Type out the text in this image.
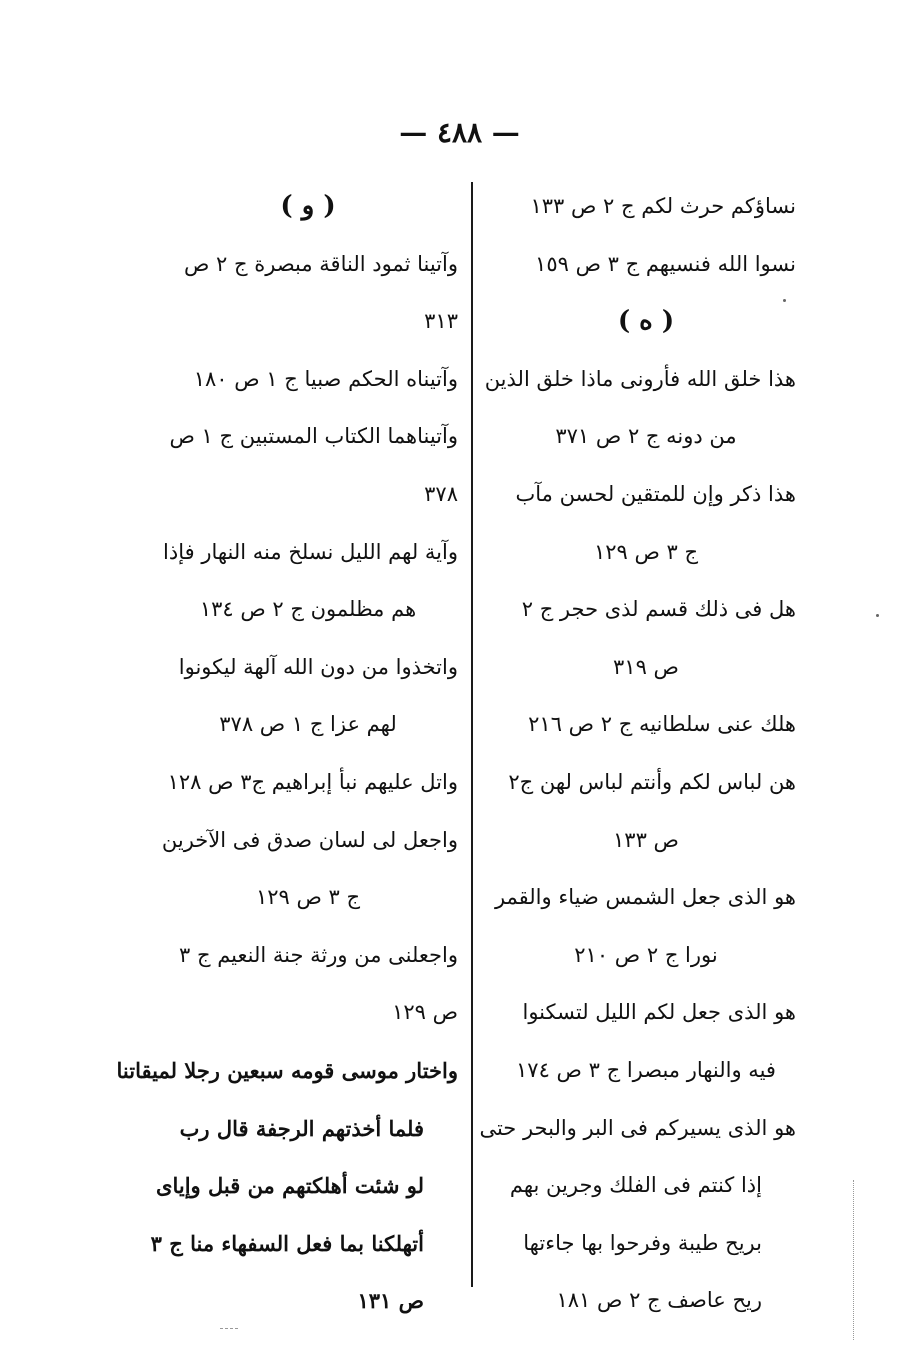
— ٤٨٨ —
نساؤكم حرث لكم ج ٢ ص ١٣٣
نسوا الله فنسيهم ج ٣ ص ١٥٩
( ه )
هذا خلق الله فأرونى ماذا خلق الذين
من دونه ج ٢ ص ٣٧١
هذا ذكر وإن للمتقين لحسن مآب
ج ٣ ص ١٢٩
هل فى ذلك قسم لذى حجر ج ٢
ص ٣١٩
هلك عنى سلطانيه ج ٢ ص ٢١٦
هن لباس لكم وأنتم لباس لهن ج٢
ص ١٣٣
هو الذى جعل الشمس ضياء والقمر
نورا ج ٢ ص ٢١٠
هو الذى جعل لكم الليل لتسكنوا
فيه والنهار مبصرا ج ٣ ص ١٧٤
هو الذى يسيركم فى البر والبحر حتى
إذا كنتم فى الفلك وجرين بهم
بريح طيبة وفرحوا بها جاءتها
ريح عاصف ج ٢ ص ١٨١
( و )
وآتينا ثمود الناقة مبصرة ج ٢ ص
٣١٣
وآتيناه الحكم صبيا ج ١ ص ١٨٠
وآتيناهما الكتاب المستبين ج ١ ص
٣٧٨
وآية لهم الليل نسلخ منه النهار فإذا
هم مظلمون ج ٢ ص ١٣٤
واتخذوا من دون الله آلهة ليكونوا
لهم عزا ج ١ ص ٣٧٨
واتل عليهم نبأ إبراهيم ج٣ ص ١٢٨
واجعل لى لسان صدق فى الآخرين
ج ٣ ص ١٢٩
واجعلنى من ورثة جنة النعيم ج ٣
ص ١٢٩
واختار موسى قومه سبعين رجلا لميقاتنا
فلما أخذتهم الرجفة قال رب
لو شئت أهلكتهم من قبل وإياى
أتهلكنا بما فعل السفهاء منا ج ٣
ص ١٣١
